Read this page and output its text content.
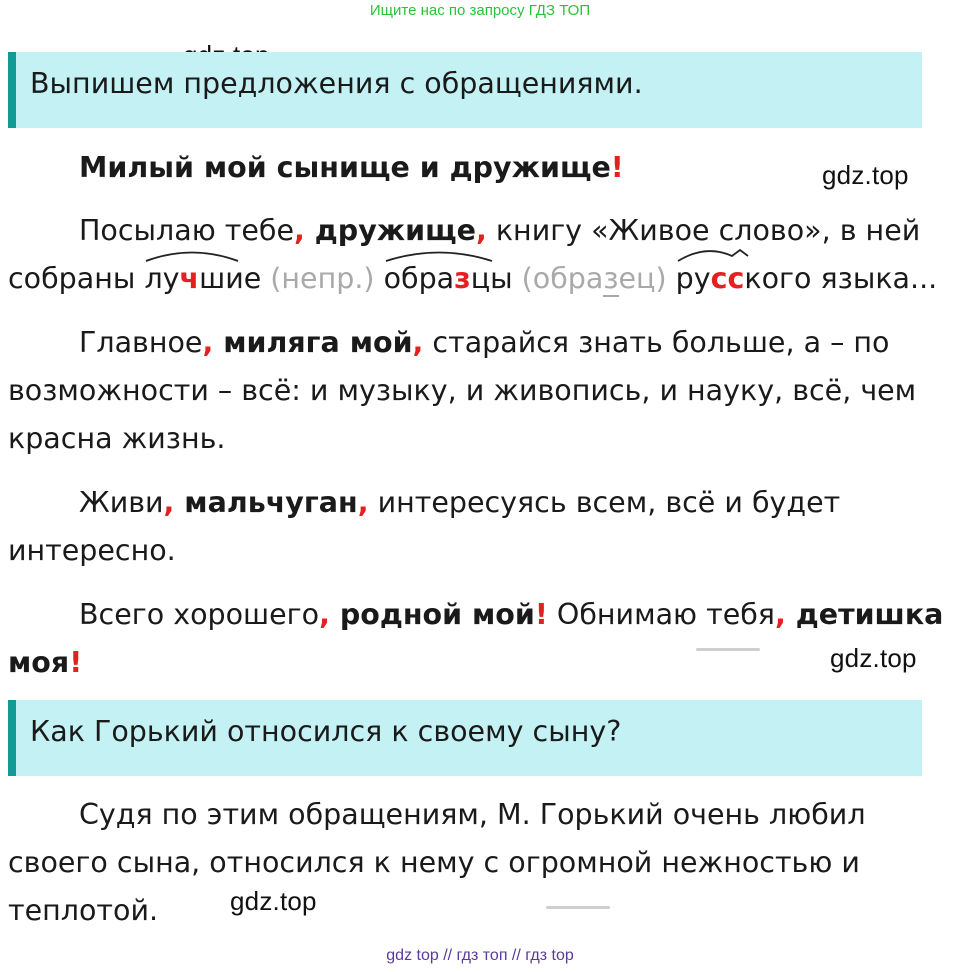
Ищите нас по запросу ГДЗ ТОП
Выпишем предложения с обращениями.
Милый мой сынище и дружище!	gdz.top
Посылаю тебе, дружище, книгу «Живое слово», в ней
собраны
лучшие (непр.)
образцы (образец)
русского языка...
Главное, миляга мой, старайся знать больше, а – по
возможности – всё: и музыку, и живопись, и науку, всё, чем
красна жизнь.
Живи, мальчуган, интересуясь всем, всё и будет
интересно.
Всего хорошего, родной мой! Обнимаю тебя, детишка
моя!	gdz.top
Как Горький относился к своему сыну?
Судя по этим обращениям, М. Горький очень любил
своего сына, относился к нему с огромной нежностью и
теплотой.	gdz.top
gdz top // гдз топ // гдз top
